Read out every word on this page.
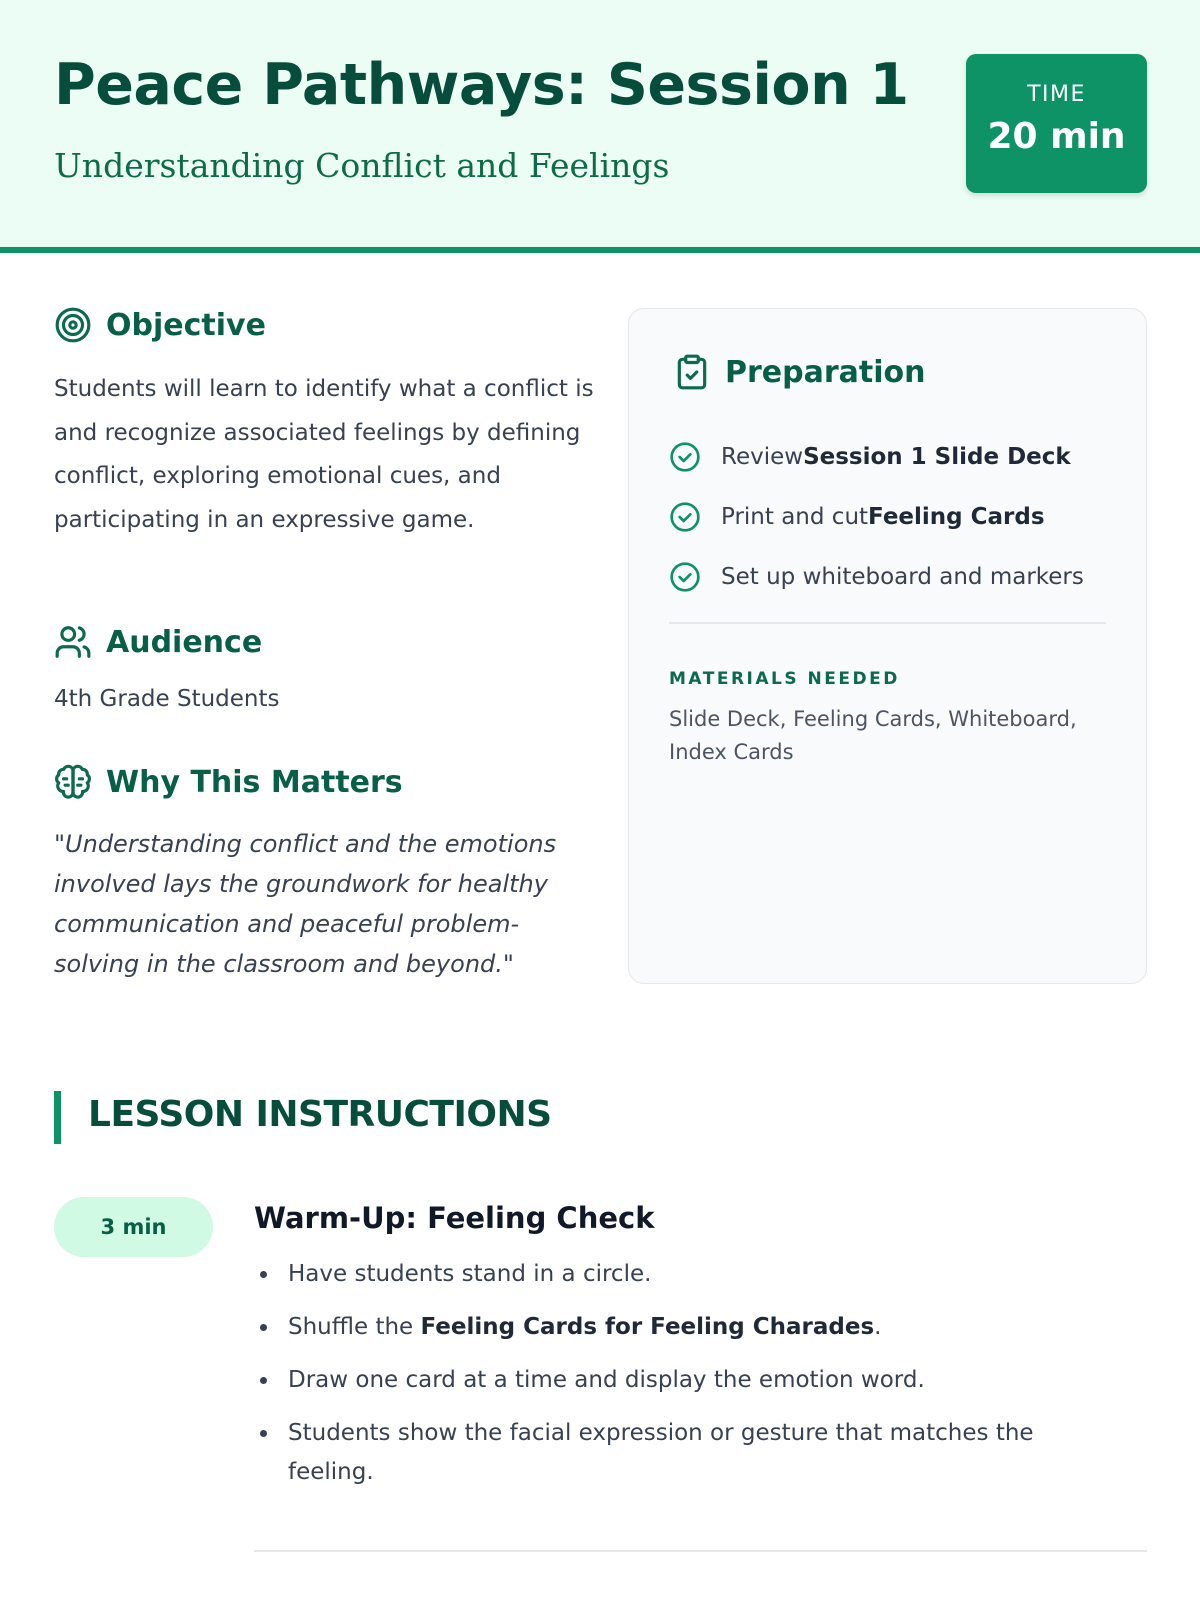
Peace Pathways: Session 1
Understanding Conflict and Feelings
TIME
20 min
Objective
Students will learn to identify what a conflict is and recognize associated feelings by defining conflict, exploring emotional cues, and participating in an expressive game.
Audience
4th Grade Students
Why This Matters
"Understanding conflict and the emotions involved lays the groundwork for healthy communication and peaceful problem-solving in the classroom and beyond."
Preparation
Review Session 1 Slide Deck
Print and cut Feeling Cards
Set up whiteboard and markers
MATERIALS NEEDED
Slide Deck, Feeling Cards, Whiteboard, Index Cards
LESSON INSTRUCTIONS
3 min	Warm-Up: Feeling Check
Have students stand in a circle.
Shuffle the Feeling Cards for Feeling Charades.
Draw one card at a time and display the emotion word.
Students show the facial expression or gesture that matches the feeling.
